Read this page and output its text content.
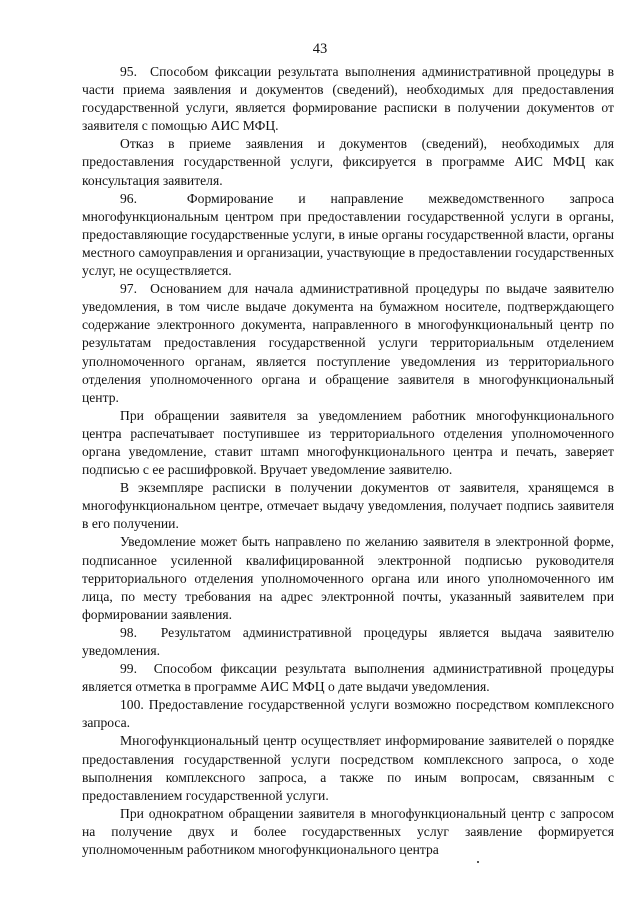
43

95.  Способом фиксации результата выполнения административной процедуры в части приема заявления и документов (сведений), необходимых для предоставления государственной услуги, является формирование расписки в получении документов от заявителя с помощью АИС МФЦ.

Отказ в приеме заявления и документов (сведений), необходимых для предоставления государственной услуги, фиксируется в программе АИС МФЦ как консультация заявителя.

96.  Формирование и направление межведомственного запроса многофункциональным центром при предоставлении государственной услуги в органы, предоставляющие государственные услуги, в иные органы государственной власти, органы местного самоуправления и организации, участвующие в предоставлении государственных услуг, не осуществляется.

97.  Основанием для начала административной процедуры по выдаче заявителю уведомления, в том числе выдаче документа на бумажном носителе, подтверждающего содержание электронного документа, направленного в многофункциональный центр по результатам предоставления государственной услуги территориальным отделением уполномоченного органам, является поступление уведомления из территориального отделения уполномоченного органа и обращение заявителя в многофункциональный центр.

При обращении заявителя за уведомлением работник многофункционального центра распечатывает поступившее из территориального отделения уполномоченного органа уведомление, ставит штамп многофункционального центра и печать, заверяет подписью с ее расшифровкой. Вручает уведомление заявителю.

В экземпляре расписки в получении документов от заявителя, хранящемся в многофункциональном центре, отмечает выдачу уведомления, получает подпись заявителя в его получении.

Уведомление может быть направлено по желанию заявителя в электронной форме, подписанное усиленной квалифицированной электронной подписью руководителя территориального отделения уполномоченного органа или иного уполномоченного им лица, по месту требования на адрес электронной почты, указанный заявителем при формировании заявления.

98.  Результатом административной процедуры является выдача заявителю уведомления.

99.  Способом фиксации результата выполнения административной процедуры является отметка в программе АИС МФЦ о дате выдачи уведомления.

100. Предоставление государственной услуги возможно посредством комплексного запроса.

Многофункциональный центр осуществляет информирование заявителей о порядке предоставления государственной услуги посредством комплексного запроса, о ходе выполнения комплексного запроса, а также по иным вопросам, связанным с предоставлением государственной услуги.

При однократном обращении заявителя в многофункциональный центр с запросом на получение двух и более государственных услуг заявление формируется уполномоченным работником многофункционального центра
